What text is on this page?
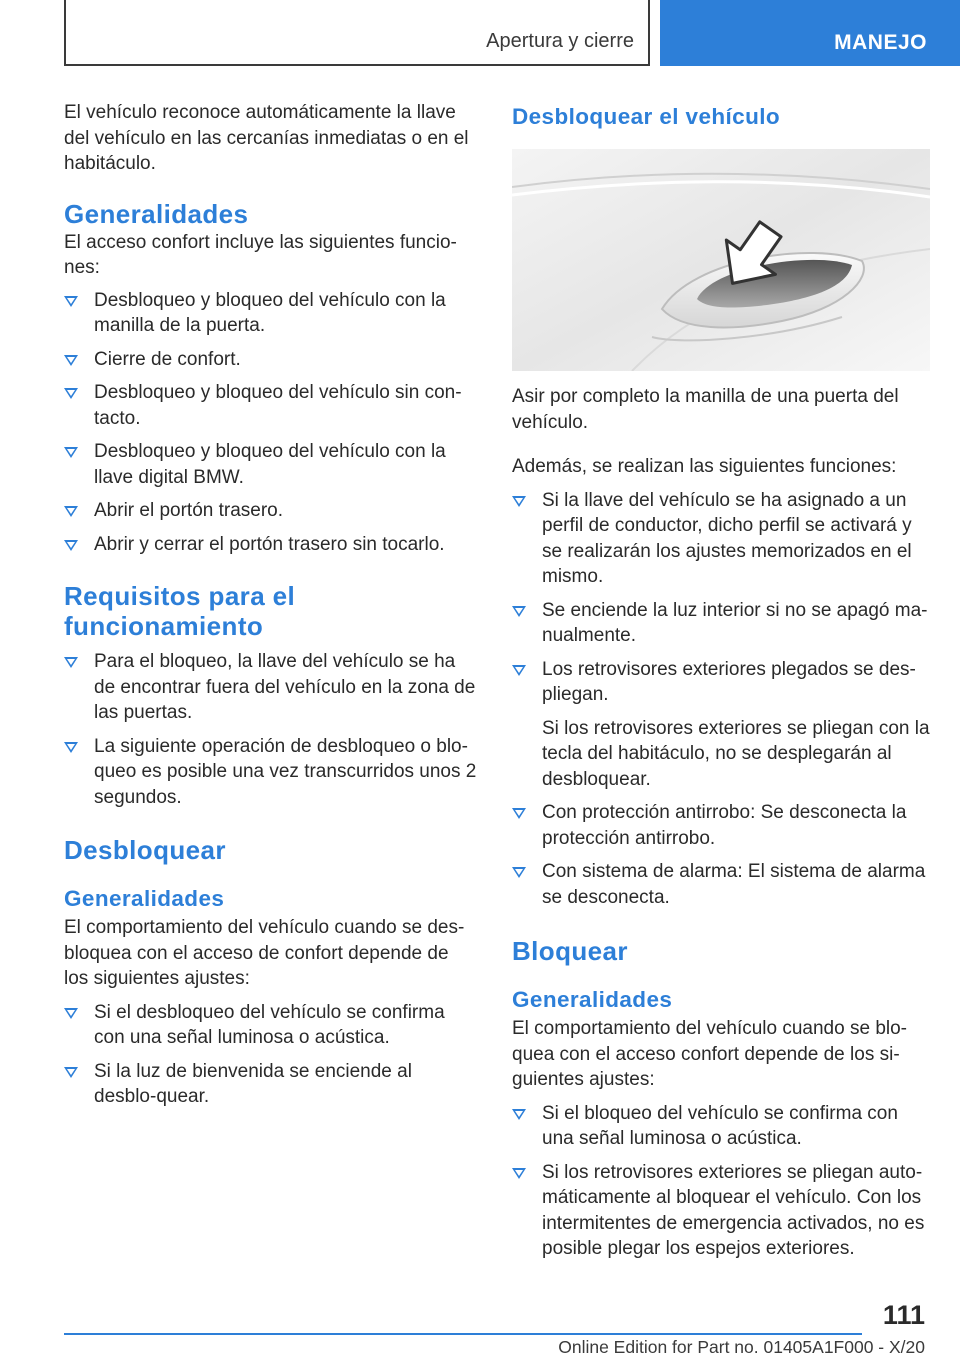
Apertura y cierre	MANEJO

El vehículo reconoce automáticamente la llave del vehículo en las cercanías inmediatas o en el habitáculo.

Generalidades

El acceso confort incluye las siguientes funcio-nes:

Desbloqueo y bloqueo del vehículo con la manilla de la puerta.
Cierre de confort.
Desbloqueo y bloqueo del vehículo sin con-tacto.
Desbloqueo y bloqueo del vehículo con la llave digital BMW.
Abrir el portón trasero.
Abrir y cerrar el portón trasero sin tocarlo.
Requisitos para el funcionamiento
Para el bloqueo, la llave del vehículo se ha de encontrar fuera del vehículo en la zona de las puertas.
La siguiente operación de desbloqueo o blo-queo es posible una vez transcurridos unos 2 segundos.
Desbloquear
Generalidades

El comportamiento del vehículo cuando se des-bloquea con el acceso de confort depende de los siguientes ajustes:

Si el desbloqueo del vehículo se confirma con una señal luminosa o acústica.
Si la luz de bienvenida se enciende al desblo-quear.
Desbloquear el vehículo

Asir por completo la manilla de una puerta del vehículo.

Además, se realizan las siguientes funciones:

Si la llave del vehículo se ha asignado a un perfil de conductor, dicho perfil se activará y se realizarán los ajustes memorizados en el mismo.
Se enciende la luz interior si no se apagó ma-nualmente.
Los retrovisores exteriores plegados se des-pliegan.
Si los retrovisores exteriores se pliegan con la tecla del habitáculo, no se desplegarán al desbloquear.
Con protección antirrobo: Se desconecta la protección antirrobo.
Con sistema de alarma: El sistema de alarma se desconecta.
Bloquear
Generalidades

El comportamiento del vehículo cuando se blo-quea con el acceso confort depende de los si-guientes ajustes:

Si el bloqueo del vehículo se confirma con una señal luminosa o acústica.
Si los retrovisores exteriores se pliegan auto-máticamente al bloquear el vehículo. Con los intermitentes de emergencia activados, no es posible plegar los espejos exteriores.
111
Online Edition for Part no. 01405A1F000 - X/20
